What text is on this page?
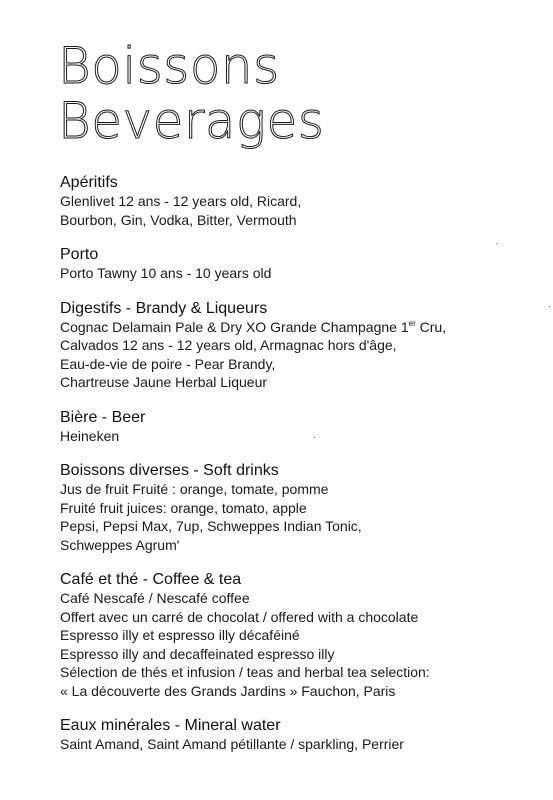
Boissons
Beverages
Apéritifs

Glenlivet 12 ans - 12 years old, Ricard,

Bourbon, Gin, Vodka, Bitter, Vermouth

Porto

Porto Tawny 10 ans - 10 years old

Digestifs - Brandy & Liqueurs

Cognac Delamain Pale & Dry XO Grande Champagne 1er Cru,

Calvados 12 ans - 12 years old, Armagnac hors d'âge,

Eau-de-vie de poire - Pear Brandy,

Chartreuse Jaune Herbal Liqueur

Bière - Beer

Heineken

Boissons diverses - Soft drinks

Jus de fruit Fruité : orange, tomate, pomme

Fruité fruit juices: orange, tomato, apple

Pepsi, Pepsi Max, 7up, Schweppes Indian Tonic,

Schweppes Agrum'

Café et thé - Coffee & tea

Café Nescafé / Nescafé coffee

Offert avec un carré de chocolat / offered with a chocolate

Espresso illy et espresso illy décaféiné

Espresso illy and decaffeinated espresso illy

Sélection de thés et infusion / teas and herbal tea selection:

« La découverte des Grands Jardins » Fauchon, Paris

Eaux minérales - Mineral water

Saint Amand, Saint Amand pétillante / sparkling, Perrier
